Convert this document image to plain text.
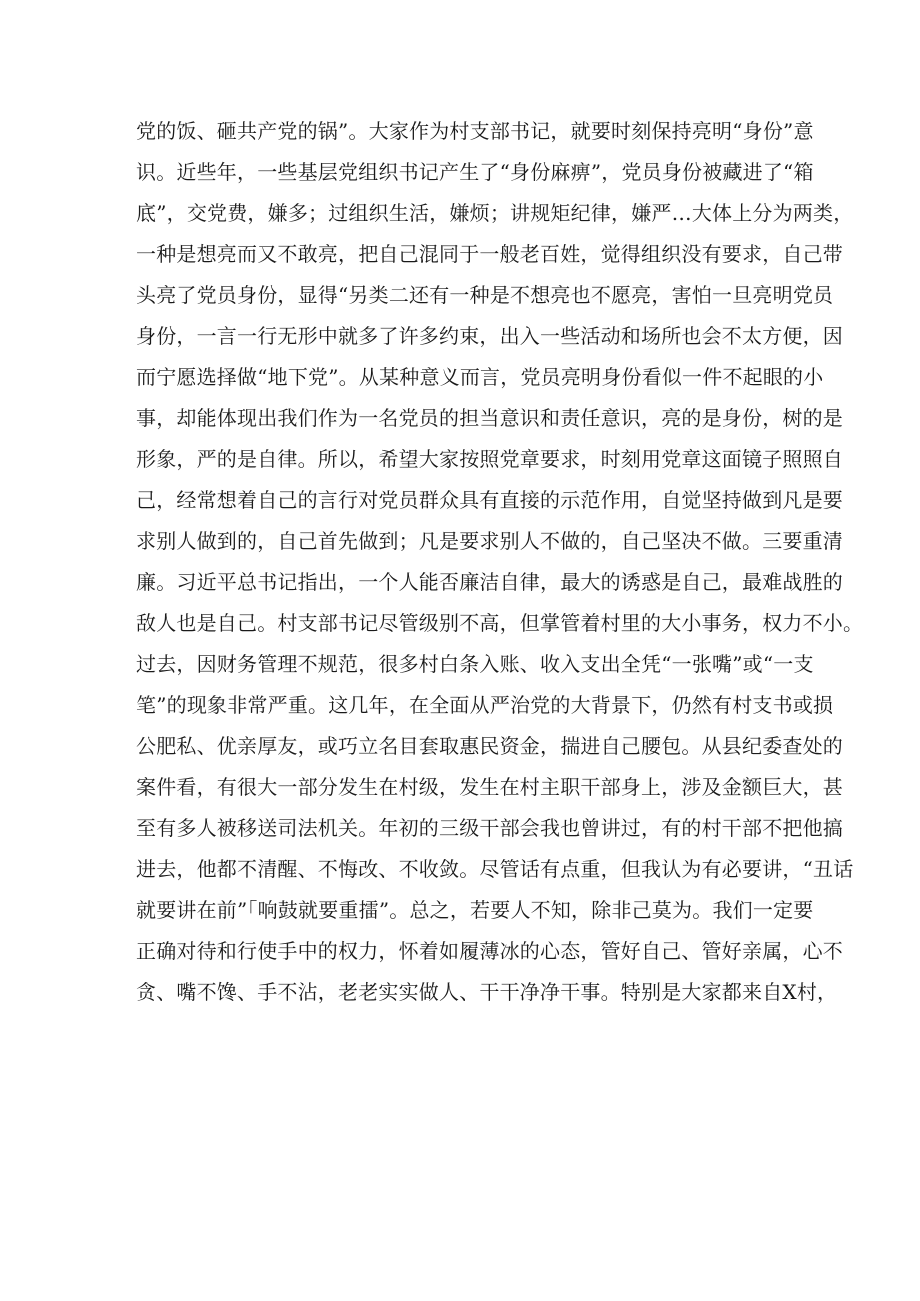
党的饭、砸共产党的锅”。大家作为村支部书记，就要时刻保持亮明“身份”意
识。近些年，一些基层党组织书记产生了“身份麻痹”，党员身份被藏进了“箱
底”，交党费，嫌多；过组织生活，嫌烦；讲规矩纪律，嫌严…大体上分为两类，
一种是想亮而又不敢亮，把自己混同于一般老百姓，觉得组织没有要求，自己带
头亮了党员身份，显得“另类二还有一种是不想亮也不愿亮，害怕一旦亮明党员
身份，一言一行无形中就多了许多约束，出入一些活动和场所也会不太方便，因
而宁愿选择做“地下党”。从某种意义而言，党员亮明身份看似一件不起眼的小
事，却能体现出我们作为一名党员的担当意识和责任意识，亮的是身份，树的是
形象，严的是自律。所以，希望大家按照党章要求，时刻用党章这面镜子照照自
己，经常想着自己的言行对党员群众具有直接的示范作用，自觉坚持做到凡是要
求别人做到的，自己首先做到；凡是要求别人不做的，自己坚决不做。三要重清
廉。习近平总书记指出，一个人能否廉洁自律，最大的诱惑是自己，最难战胜的
敌人也是自己。村支部书记尽管级别不高，但掌管着村里的大小事务，权力不小。
过去，因财务管理不规范，很多村白条入账、收入支出全凭“一张嘴”或“一支
笔”的现象非常严重。这几年，在全面从严治党的大背景下，仍然有村支书或损
公肥私、优亲厚友，或巧立名目套取惠民资金，揣进自己腰包。从县纪委查处的
案件看，有很大一部分发生在村级，发生在村主职干部身上，涉及金额巨大，甚
至有多人被移送司法机关。年初的三级干部会我也曾讲过，有的村干部不把他搞
进去，他都不清醒、不悔改、不收敛。尽管话有点重，但我认为有必要讲，“丑话
就要讲在前”「响鼓就要重擂”。总之，若要人不知，除非己莫为。我们一定要
正确对待和行使手中的权力，怀着如履薄冰的心态，管好自己、管好亲属，心不
贪、嘴不馋、手不沾，老老实实做人、干干净净干事。特别是大家都来自X村，
